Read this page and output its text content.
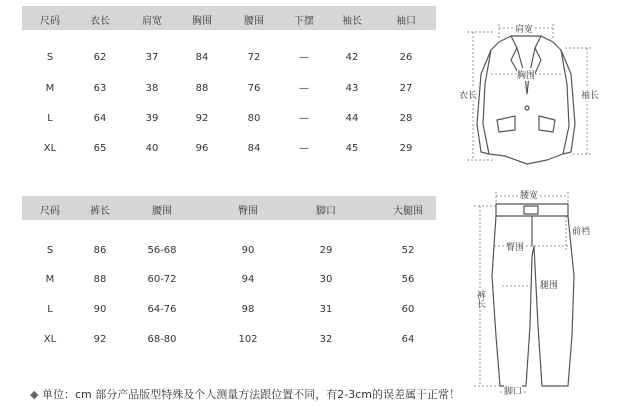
尺码	衣长	肩宽	胸围	腰围	下摆	袖长	袖口
S	62	37	84	72	—	42	26
M	63	38	88	76	—	43	27
L	64	39	92	80	—	44	28
XL	65	40	96	84	—	45	29
尺码	裤长	腰围	臀围	脚口	大腿围
S	86	56-68	90	29	52
M	88	60-72	94	30	56
L	90	64-76	98	31	60
XL	92	68-80	102	32	64
肩宽
胸围
衣长	袖长
腰宽
前裆
臀围
腿围
裤长
脚口
◆ 单位：cm 部分产品版型特殊及个人测量方法跟位置不同，有2-3cm的误差属于正常！
